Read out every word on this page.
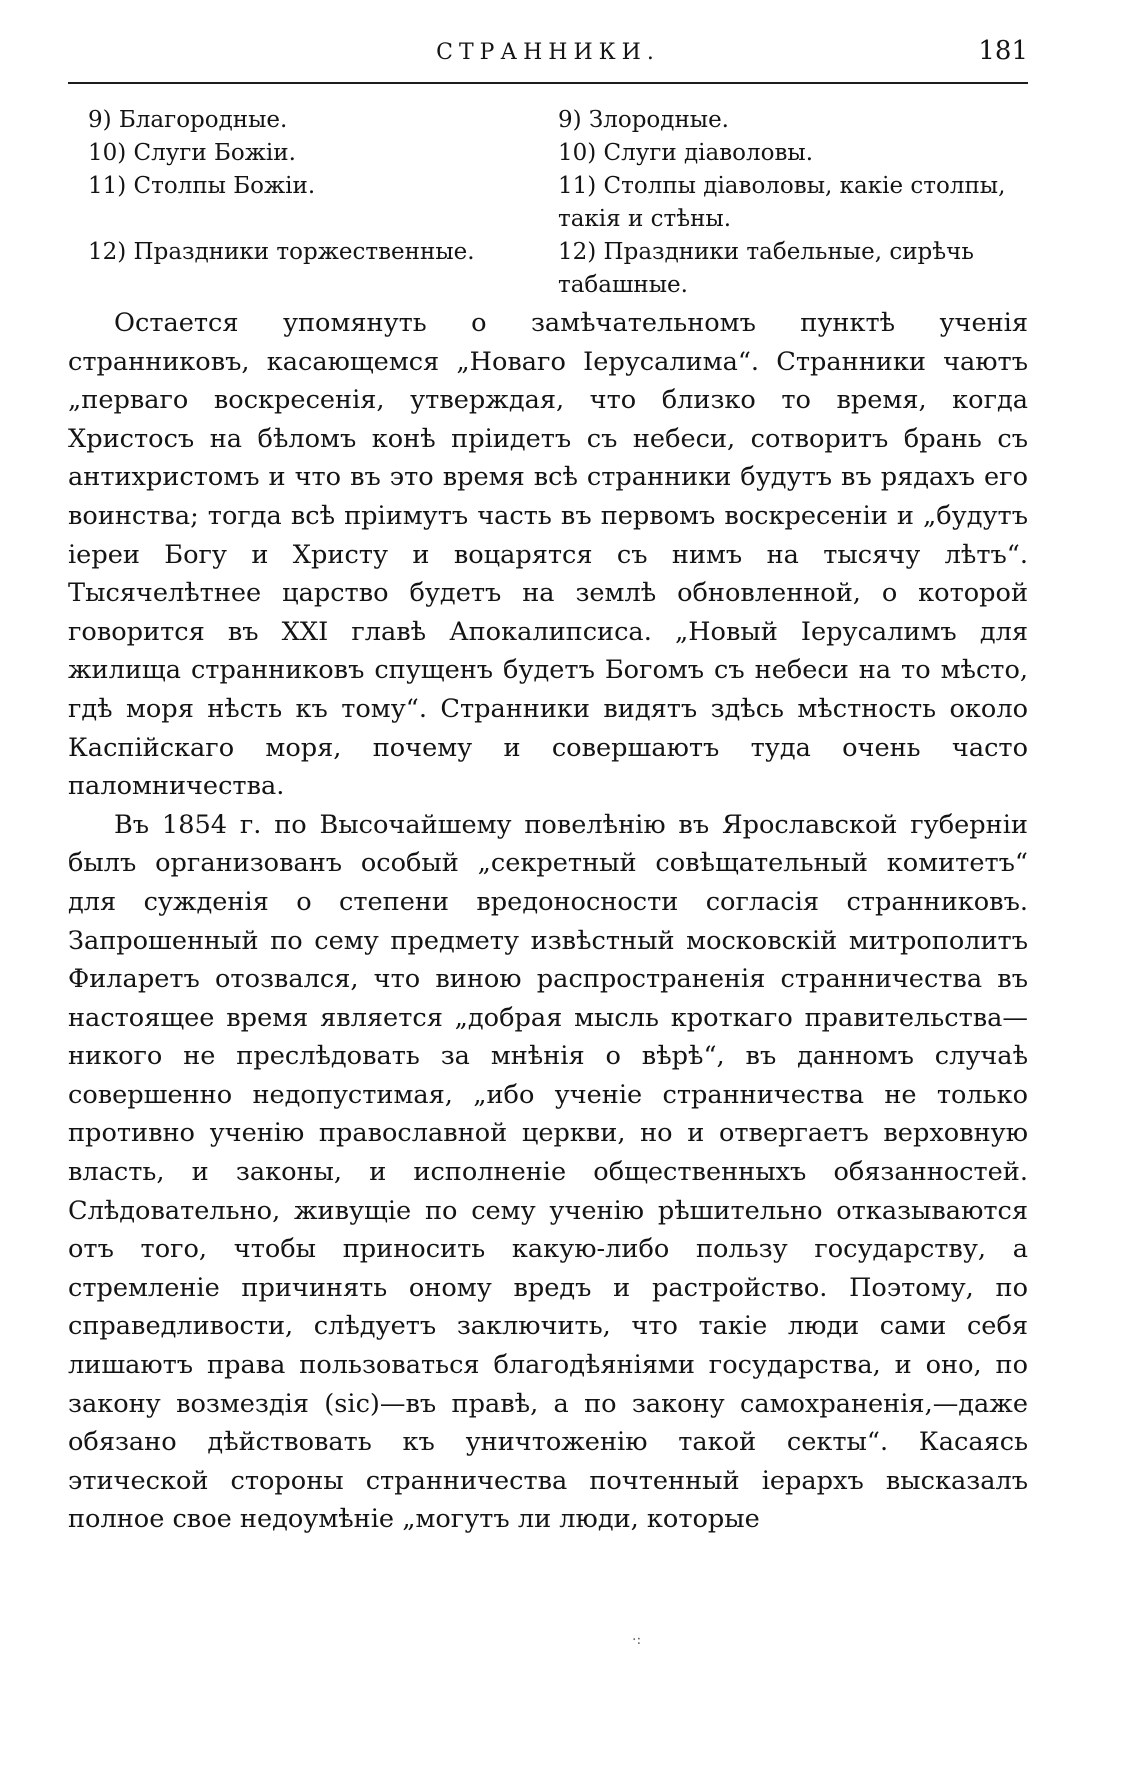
СТРАННИКИ.	181
9) Благородные.	9) Злородные.
10) Слуги Божіи.	10) Слуги діаволовы.
11) Столпы Божіи.	11) Столпы діаволовы, какіе столпы, такія и стѣны.
12) Праздники торжественные.	12) Праздники табельные, сирѣчь табашные.

Остается упомянуть о замѣчательномъ пунктѣ ученія странниковъ, касающемся „Новаго Іерусалима“. Странники чаютъ „перваго воскресенія, утверждая, что близко то время, когда Христосъ на бѣломъ конѣ пріидетъ съ небеси, сотворитъ брань съ антихристомъ и что въ это время всѣ странники будутъ въ рядахъ его воинства; тогда всѣ пріимутъ часть въ первомъ воскресеніи и „будутъ іереи Богу и Христу и воцарятся съ нимъ на тысячу лѣтъ“. Тысячелѣтнее царство будетъ на землѣ обновленной, о которой говорится въ XXI главѣ Апокалипсиса. „Новый Іерусалимъ для жилища странниковъ спущенъ будетъ Богомъ съ небеси на то мѣсто, гдѣ моря нѣсть къ тому“. Странники видятъ здѣсь мѣстность около Каспійскаго моря, почему и совершаютъ туда очень часто паломничества.

Въ 1854 г. по Высочайшему повелѣнію въ Ярославской губерніи былъ организованъ особый „секретный совѣщательный комитетъ“ для сужденія о степени вредоносности согласія странниковъ. Запрошенный по сему предмету извѣстный московскій митрополитъ Филаретъ отозвался, что виною распространенія странничества въ настоящее время является „добрая мысль кроткаго правительства—никого не преслѣдовать за мнѣнія о вѣрѣ“, въ данномъ случаѣ совершенно недопустимая, „ибо ученіе странничества не только противно ученію православной церкви, но и отвергаетъ верховную власть, и законы, и исполненіе общественныхъ обязанностей. Слѣдовательно, живущіе по сему ученію рѣшительно отказываются отъ того, чтобы приносить какую-либо пользу государству, а стремленіе причинять оному вредъ и растройство. Поэтому, по справедливости, слѣдуетъ заключить, что такіе люди сами себя лишаютъ права пользоваться благодѣяніями государства, и оно, по закону возмездія (sic)—въ правѣ, а по закону самохраненія,—даже обязано дѣйствовать къ уничтоженію такой секты“. Касаясь этической стороны странничества почтенный іерархъ высказалъ полное свое недоумѣніе „могутъ ли люди, которые

·:
